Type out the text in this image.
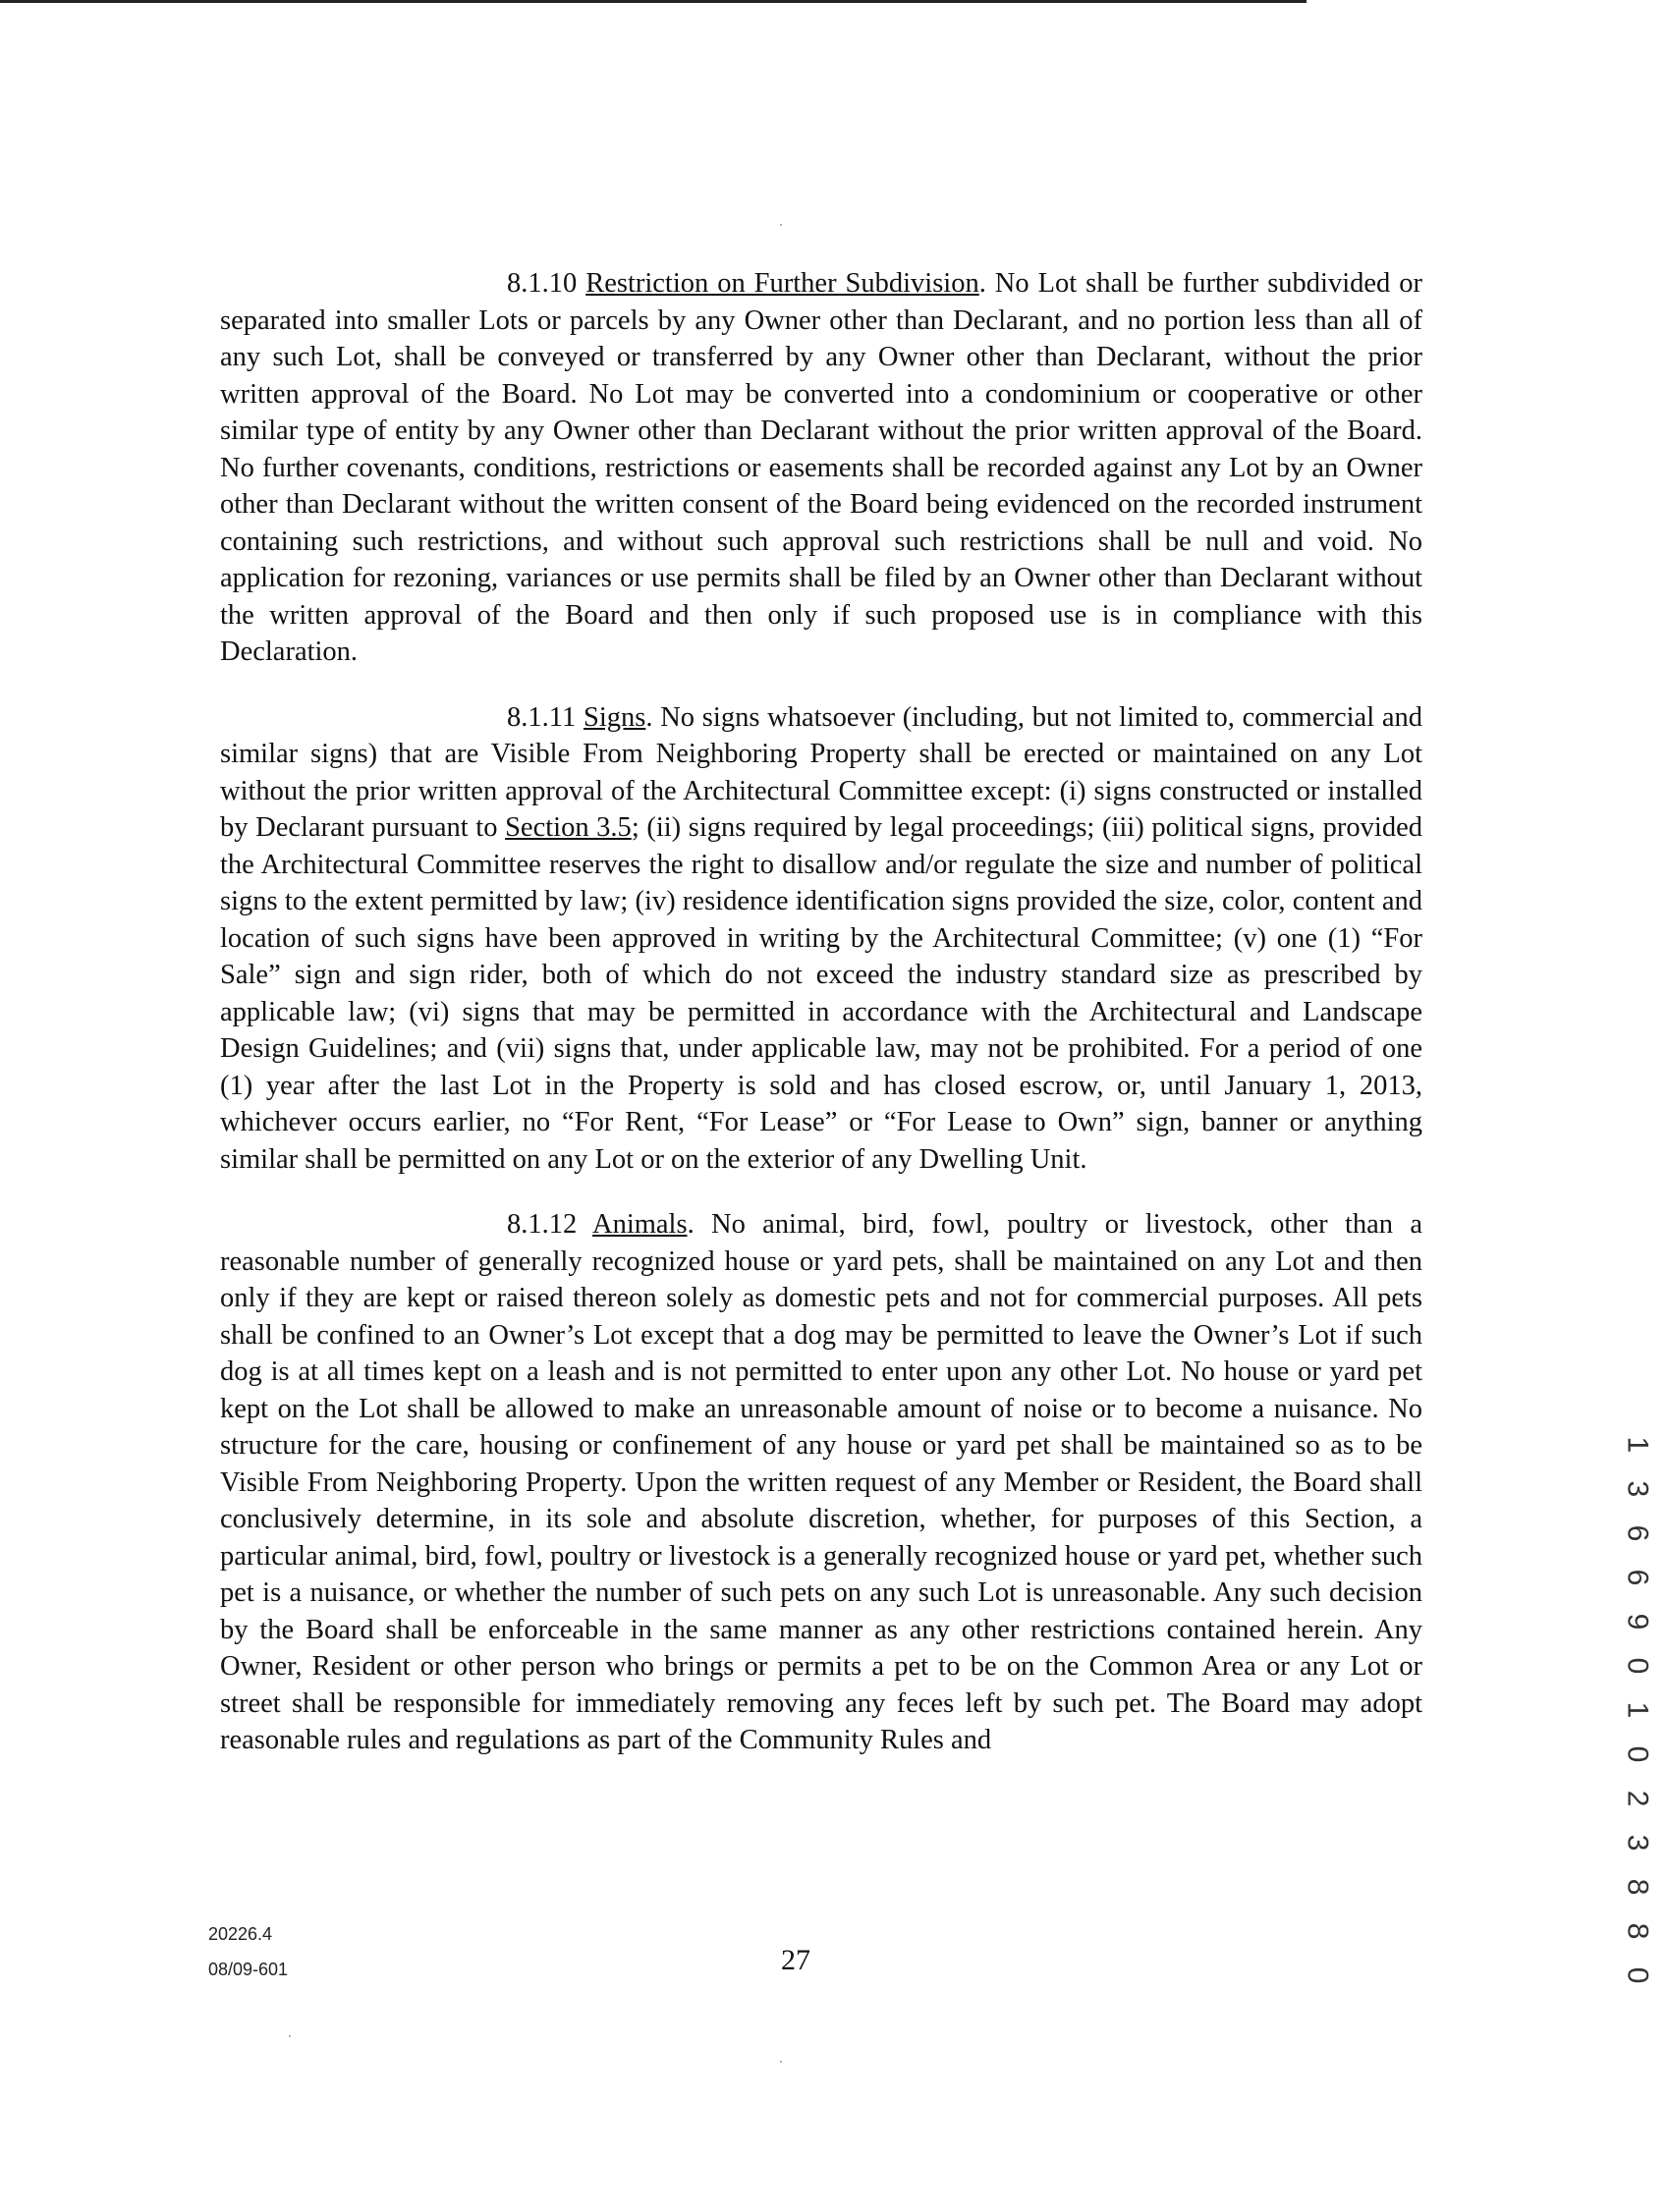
8.1.10 Restriction on Further Subdivision. No Lot shall be further subdivided or separated into smaller Lots or parcels by any Owner other than Declarant, and no portion less than all of any such Lot, shall be conveyed or transferred by any Owner other than Declarant, without the prior written approval of the Board. No Lot may be converted into a condominium or cooperative or other similar type of entity by any Owner other than Declarant without the prior written approval of the Board. No further covenants, conditions, restrictions or easements shall be recorded against any Lot by an Owner other than Declarant without the written consent of the Board being evidenced on the recorded instrument containing such restrictions, and without such approval such restrictions shall be null and void. No application for rezoning, variances or use permits shall be filed by an Owner other than Declarant without the written approval of the Board and then only if such proposed use is in compliance with this Declaration.

8.1.11 Signs. No signs whatsoever (including, but not limited to, commercial and similar signs) that are Visible From Neighboring Property shall be erected or maintained on any Lot without the prior written approval of the Architectural Committee except: (i) signs constructed or installed by Declarant pursuant to Section 3.5; (ii) signs required by legal proceedings; (iii) political signs, provided the Architectural Committee reserves the right to disallow and/or regulate the size and number of political signs to the extent permitted by law; (iv) residence identification signs provided the size, color, content and location of such signs have been approved in writing by the Architectural Committee; (v) one (1) “For Sale” sign and sign rider, both of which do not exceed the industry standard size as prescribed by applicable law; (vi) signs that may be permitted in accordance with the Architectural and Landscape Design Guidelines; and (vii) signs that, under applicable law, may not be prohibited. For a period of one (1) year after the last Lot in the Property is sold and has closed escrow, or, until January 1, 2013, whichever occurs earlier, no “For Rent, “For Lease” or “For Lease to Own” sign, banner or anything similar shall be permitted on any Lot or on the exterior of any Dwelling Unit.

8.1.12 Animals. No animal, bird, fowl, poultry or livestock, other than a reasonable number of generally recognized house or yard pets, shall be maintained on any Lot and then only if they are kept or raised thereon solely as domestic pets and not for commercial purposes. All pets shall be confined to an Owner’s Lot except that a dog may be permitted to leave the Owner’s Lot if such dog is at all times kept on a leash and is not permitted to enter upon any other Lot. No house or yard pet kept on the Lot shall be allowed to make an unreasonable amount of noise or to become a nuisance. No structure for the care, housing or confinement of any house or yard pet shall be maintained so as to be Visible From Neighboring Property. Upon the written request of any Member or Resident, the Board shall conclusively determine, in its sole and absolute discretion, whether, for purposes of this Section, a particular animal, bird, fowl, poultry or livestock is a generally recognized house or yard pet, whether such pet is a nuisance, or whether the number of such pets on any such Lot is unreasonable. Any such decision by the Board shall be enforceable in the same manner as any other restrictions contained herein. Any Owner, Resident or other person who brings or permits a pet to be on the Common Area or any Lot or street shall be responsible for immediately removing any feces left by such pet. The Board may adopt reasonable rules and regulations as part of the Community Rules and

20226.4
08/09-601	27	1 3 6 6 9 0 1 0 2 3 8 8 0
